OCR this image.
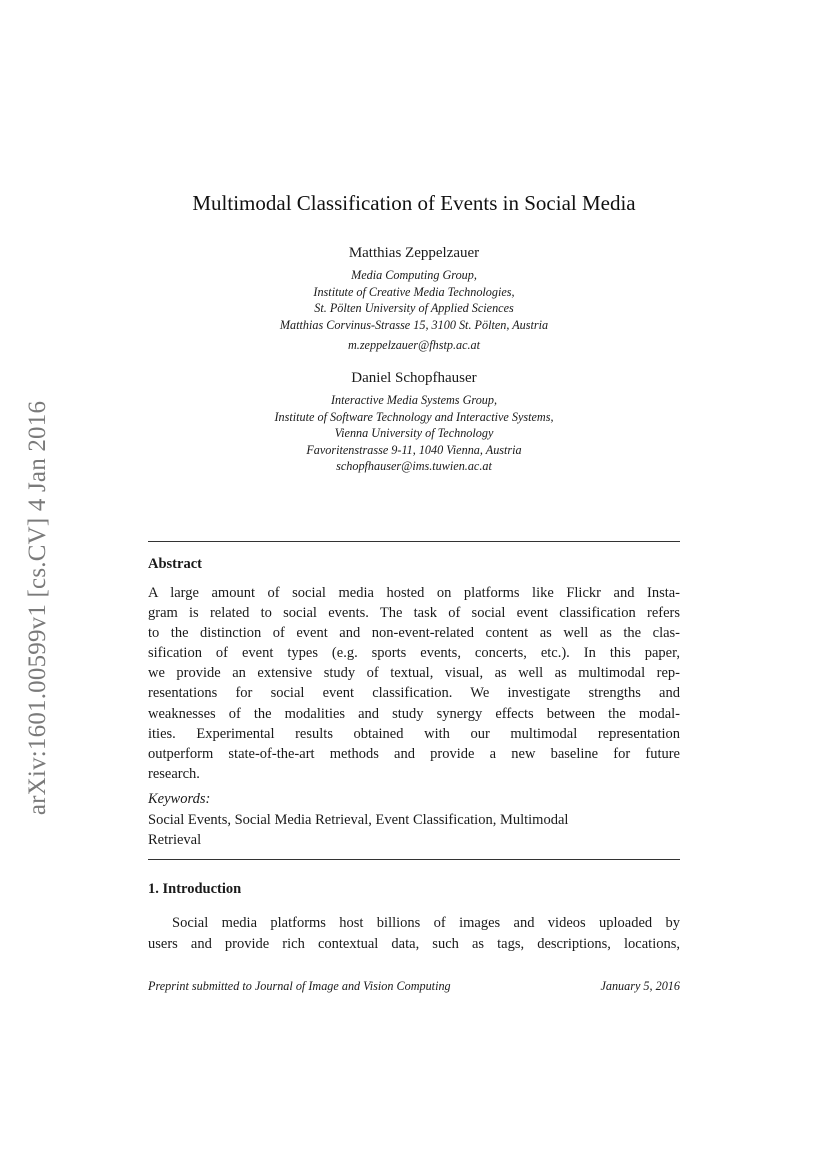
arXiv:1601.00599v1 [cs.CV] 4 Jan 2016
Multimodal Classification of Events in Social Media
Matthias Zeppelzauer
Media Computing Group,
Institute of Creative Media Technologies,
St. Pölten University of Applied Sciences
Matthias Corvinus-Strasse 15, 3100 St. Pölten, Austria
m.zeppelzauer@fhstp.ac.at
Daniel Schopfhauser
Interactive Media Systems Group,
Institute of Software Technology and Interactive Systems,
Vienna University of Technology
Favoritenstrasse 9-11, 1040 Vienna, Austria
schopfhauser@ims.tuwien.ac.at
Abstract
A large amount of social media hosted on platforms like Flickr and Insta-
gram is related to social events. The task of social event classification refers
to the distinction of event and non-event-related content as well as the clas-
sification of event types (e.g. sports events, concerts, etc.). In this paper,
we provide an extensive study of textual, visual, as well as multimodal rep-
resentations for social event classification. We investigate strengths and
weaknesses of the modalities and study synergy effects between the modal-
ities. Experimental results obtained with our multimodal representation
outperform state-of-the-art methods and provide a new baseline for future
research.
Keywords:
Social Events, Social Media Retrieval, Event Classification, Multimodal
Retrieval
1. Introduction
Social media platforms host billions of images and videos uploaded by
users and provide rich contextual data, such as tags, descriptions, locations,
Preprint submitted to Journal of Image and Vision Computing	January 5, 2016
